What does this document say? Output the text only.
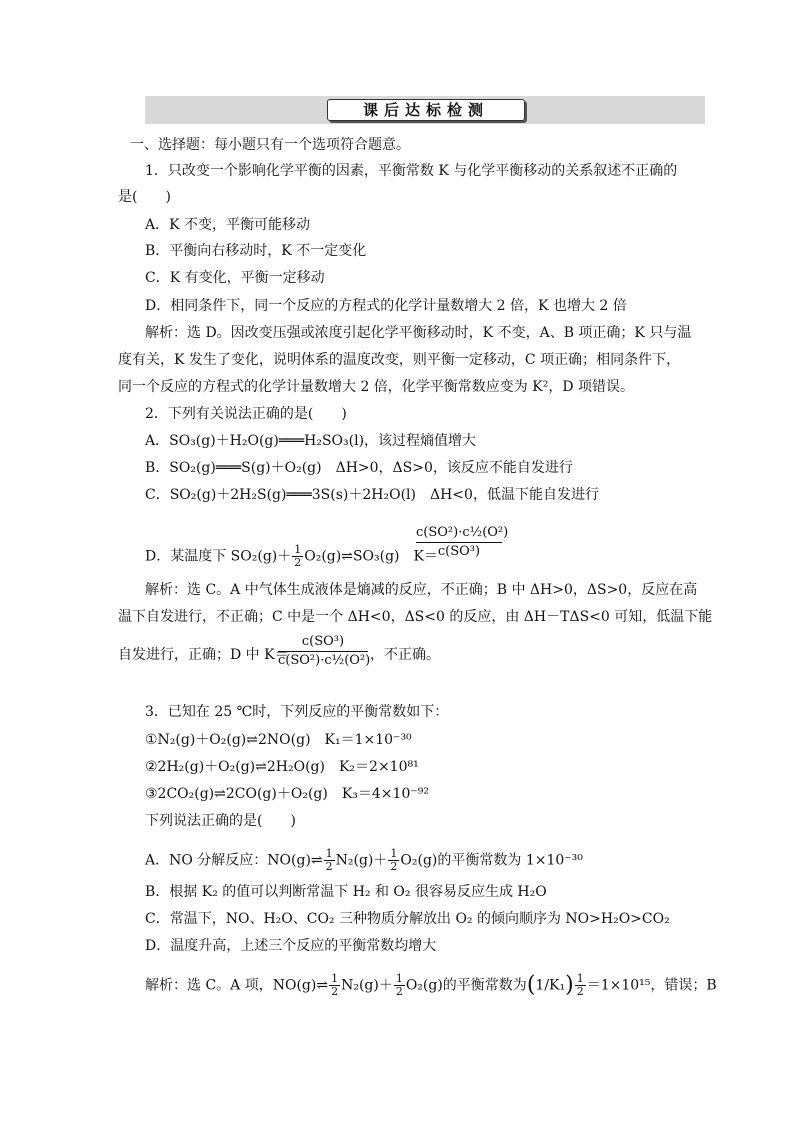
课后达标检测
一、选择题：每小题只有一个选项符合题意。
1．只改变一个影响化学平衡的因素，平衡常数 K 与化学平衡移动的关系叙述不正确的
是(　　)
A．K 不变，平衡可能移动
B．平衡向右移动时，K 不一定变化
C．K 有变化，平衡一定移动
D．相同条件下，同一个反应的方程式的化学计量数增大 2 倍，K 也增大 2 倍
解析：选 D。因改变压强或浓度引起化学平衡移动时，K 不变，A、B 项正确；K 只与温
度有关，K 发生了变化，说明体系的温度改变，则平衡一定移动，C 项正确；相同条件下，
同一个反应的方程式的化学计量数增大 2 倍，化学平衡常数应变为 K²，D 项错误。
2．下列有关说法正确的是(　　)
A．SO₃(g)＋H₂O(g)═══H₂SO₃(l)，该过程熵值增大
B．SO₂(g)═══S(g)＋O₂(g)　ΔH>0，ΔS>0，该反应不能自发进行
C．SO₂(g)＋2H₂S(g)═══3S(s)＋2H₂O(l)　ΔH<0，低温下能自发进行
D．某温度下 $SO_2(g)+ \frac{1}{2}$ O₂(g)⇌SO₃(g)　K＝
c(SO²)·c½(O²)
c(SO³)
解析：选 C。A 中气体生成液体是熵减的反应，不正确；B 中 ΔH>0，ΔS>0，反应在高
温下自发进行，不正确；C 中是一个 ΔH<0，ΔS<0 的反应，由 ΔH－TΔS<0 可知，低温下能
自发进行，正确；D 中 K＝
c(SO³)
c(SO²)·c½(O²) ，不正确。
3．已知在 25 ℃时，下列反应的平衡常数如下：
①N₂(g)＋O₂(g)⇌2NO(g)　K₁＝1×10⁻³⁰
②2H₂(g)＋O₂(g)⇌2H₂O(g)　K₂＝2×10⁸¹
③2CO₂(g)⇌2CO(g)＋O₂(g)　K₃＝4×10⁻⁹²
下列说法正确的是(　　)
A．NO 分解反应：NO(g)⇌ $\frac{1}{2} N_2(g)+ \frac{1}{2} O_2(g)$的平衡常数为 1×10⁻³⁰
B．根据 K₂ 的值可以判断常温下 H₂ 和 O₂ 很容易反应生成 H₂O
C．常温下，NO、H₂O、CO₂ 三种物质分解放出 O₂ 的倾向顺序为 NO>H₂O>CO₂
D．温度升高，上述三个反应的平衡常数均增大
解析：选 C。A 项，NO(g)⇌ $\frac{1}{2} N_2(g)+ \frac{1}{2} O_2(g)$的平衡常数为$(1/K_1) \frac{1}{2} =1\times 10^{15}$，错误；B
